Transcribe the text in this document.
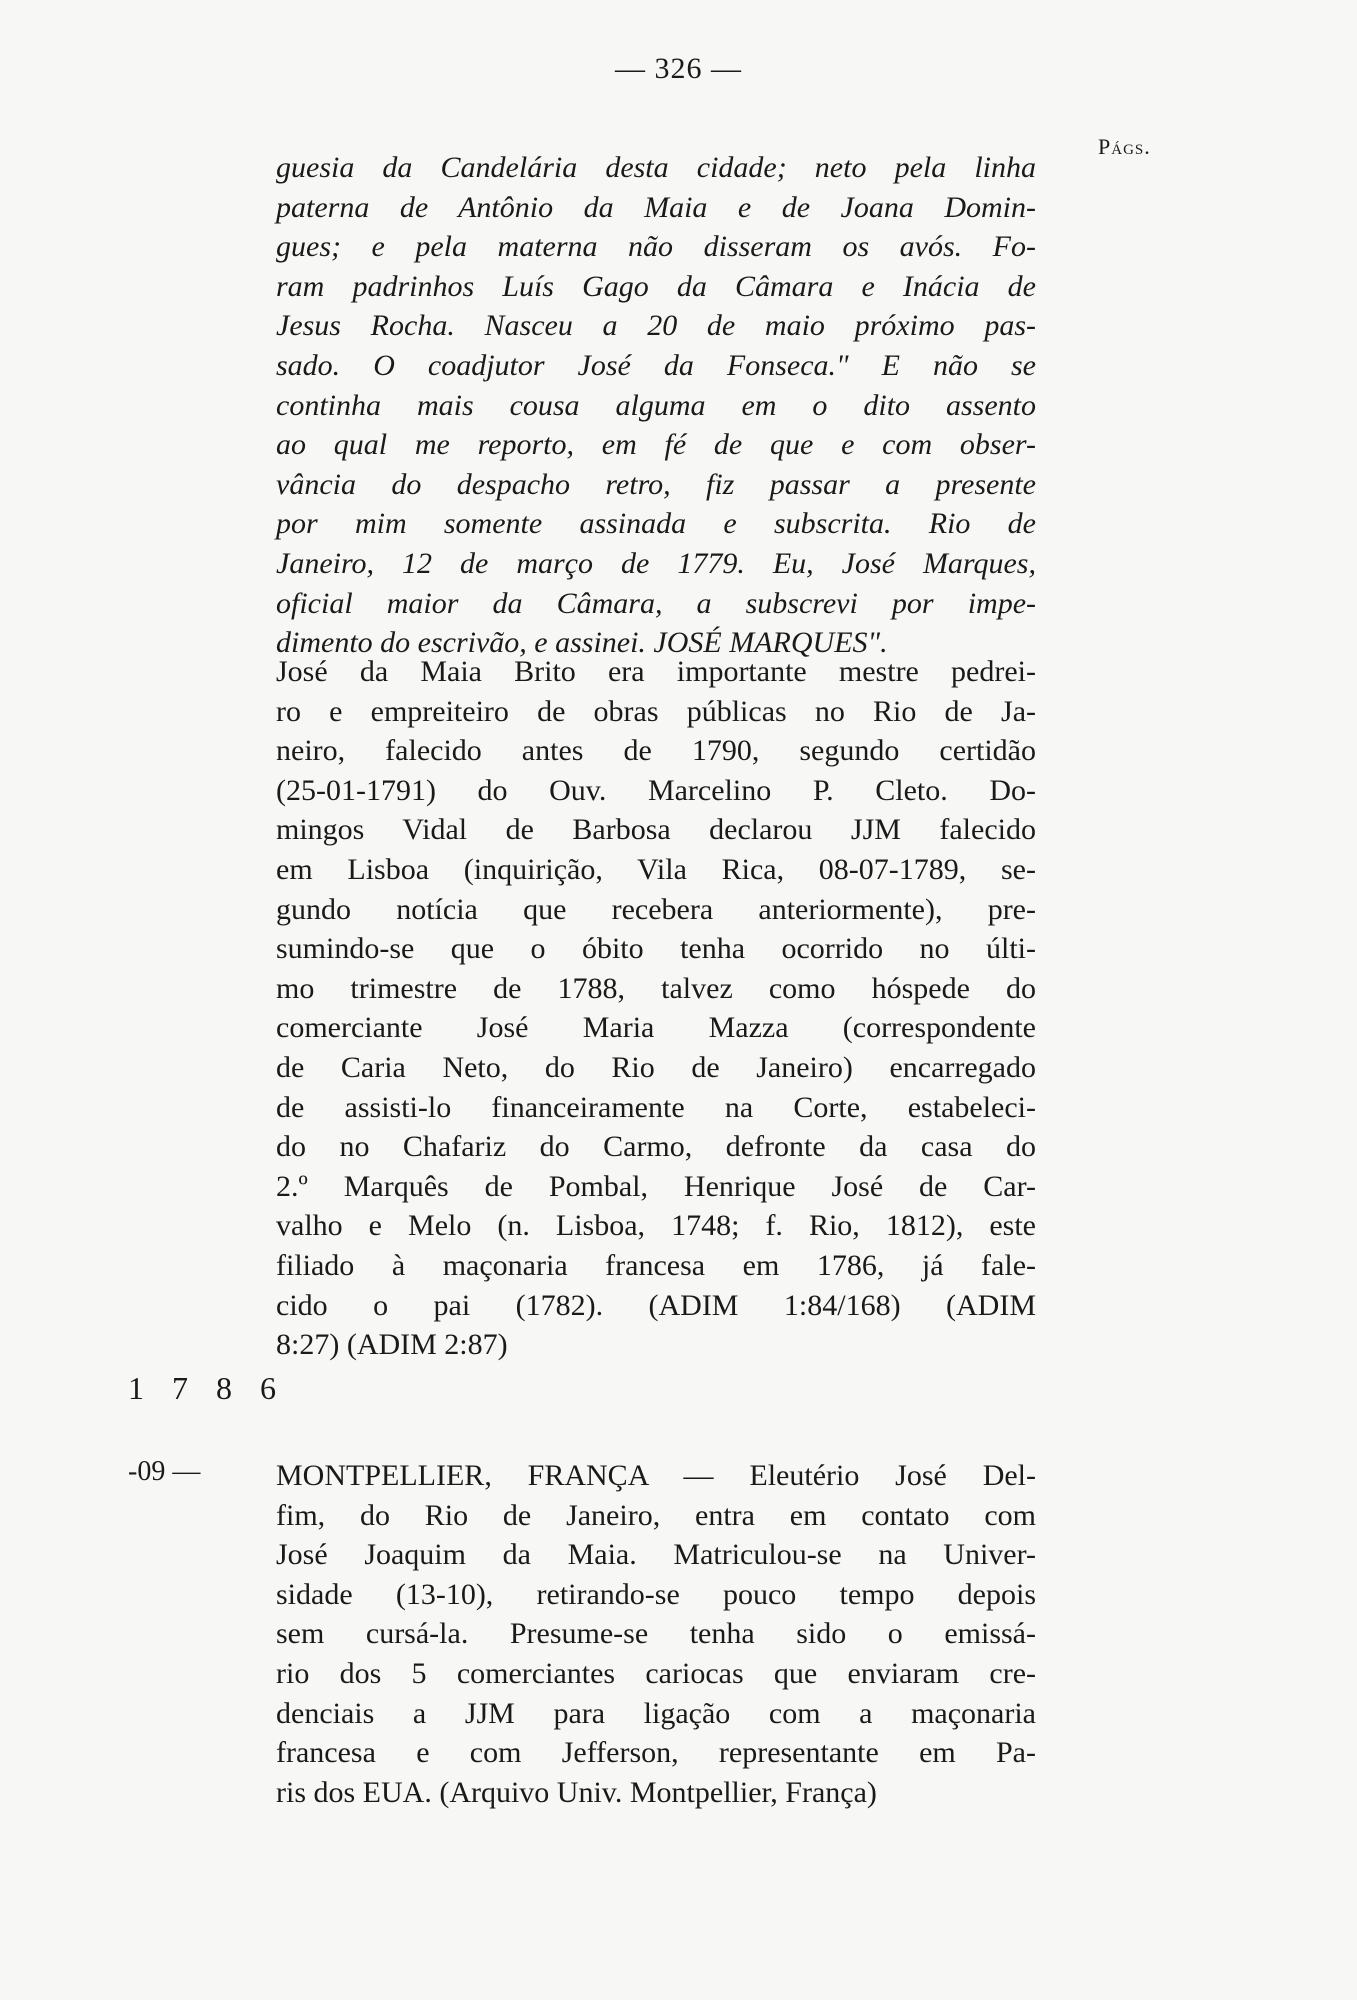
— 326 —
Págs.
guesia da Candelária desta cidade; neto pela linha
paterna de Antônio da Maia e de Joana Domin-
gues; e pela materna não disseram os avós. Fo-
ram padrinhos Luís Gago da Câmara e Inácia de
Jesus Rocha. Nasceu a 20 de maio próximo pas-
sado. O coadjutor José da Fonseca." E não se
continha mais cousa alguma em o dito assento
ao qual me reporto, em fé de que e com obser-
vância do despacho retro, fiz passar a presente
por mim somente assinada e subscrita. Rio de
Janeiro, 12 de março de 1779. Eu, José Marques,
oficial maior da Câmara, a subscrevi por impe-
dimento do escrivão, e assinei. JOSÉ MARQUES".
José da Maia Brito era importante mestre pedrei-
ro e empreiteiro de obras públicas no Rio de Ja-
neiro, falecido antes de 1790, segundo certidão
(25-01-1791) do Ouv. Marcelino P. Cleto. Do-
mingos Vidal de Barbosa declarou JJM falecido
em Lisboa (inquirição, Vila Rica, 08-07-1789, se-
gundo notícia que recebera anteriormente), pre-
sumindo-se que o óbito tenha ocorrido no últi-
mo trimestre de 1788, talvez como hóspede do
comerciante José Maria Mazza (correspondente
de Caria Neto, do Rio de Janeiro) encarregado
de assisti-lo financeiramente na Corte, estabeleci-
do no Chafariz do Carmo, defronte da casa do
2.º Marquês de Pombal, Henrique José de Car-
valho e Melo (n. Lisboa, 1748; f. Rio, 1812), este
filiado à maçonaria francesa em 1786, já fale-
cido o pai (1782). (ADIM 1:84/168) (ADIM
8:27) (ADIM 2:87)
1 7 8 6
-09 —	MONTPELLIER, FRANÇA — Eleutério José Del-
fim, do Rio de Janeiro, entra em contato com
José Joaquim da Maia. Matriculou-se na Univer-
sidade (13-10), retirando-se pouco tempo depois
sem cursá-la. Presume-se tenha sido o emissá-
rio dos 5 comerciantes cariocas que enviaram cre-
denciais a JJM para ligação com a maçonaria
francesa e com Jefferson, representante em Pa-
ris dos EUA. (Arquivo Univ. Montpellier, França)
